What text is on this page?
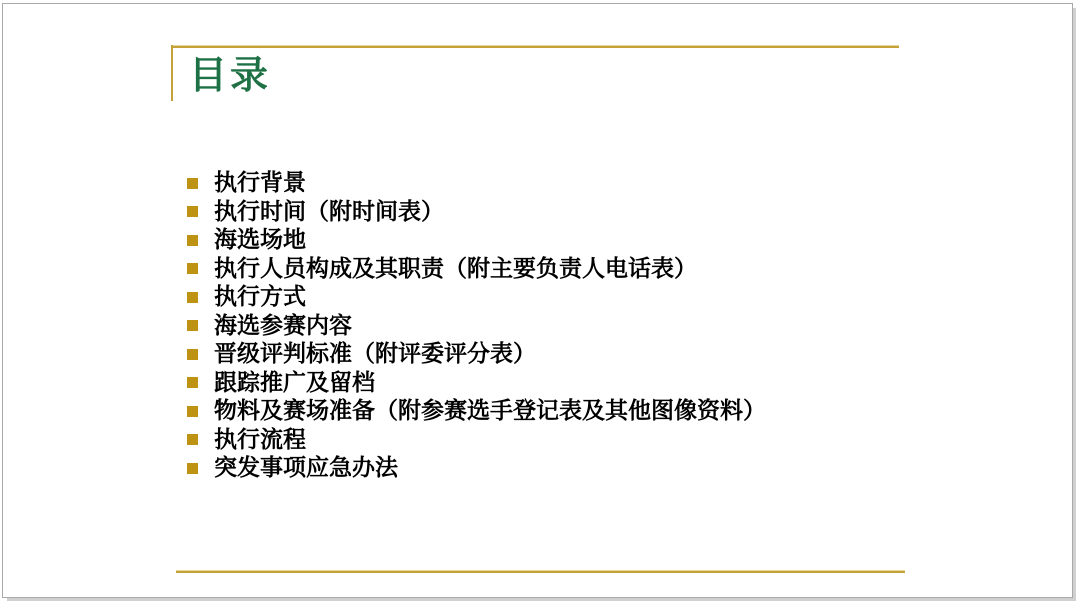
目录
执行背景
执行时间（附时间表）
海选场地
执行人员构成及其职责（附主要负责人电话表）
执行方式
海选参赛内容
晋级评判标准（附评委评分表）
跟踪推广及留档
物料及赛场准备（附参赛选手登记表及其他图像资料）
执行流程
突发事项应急办法
